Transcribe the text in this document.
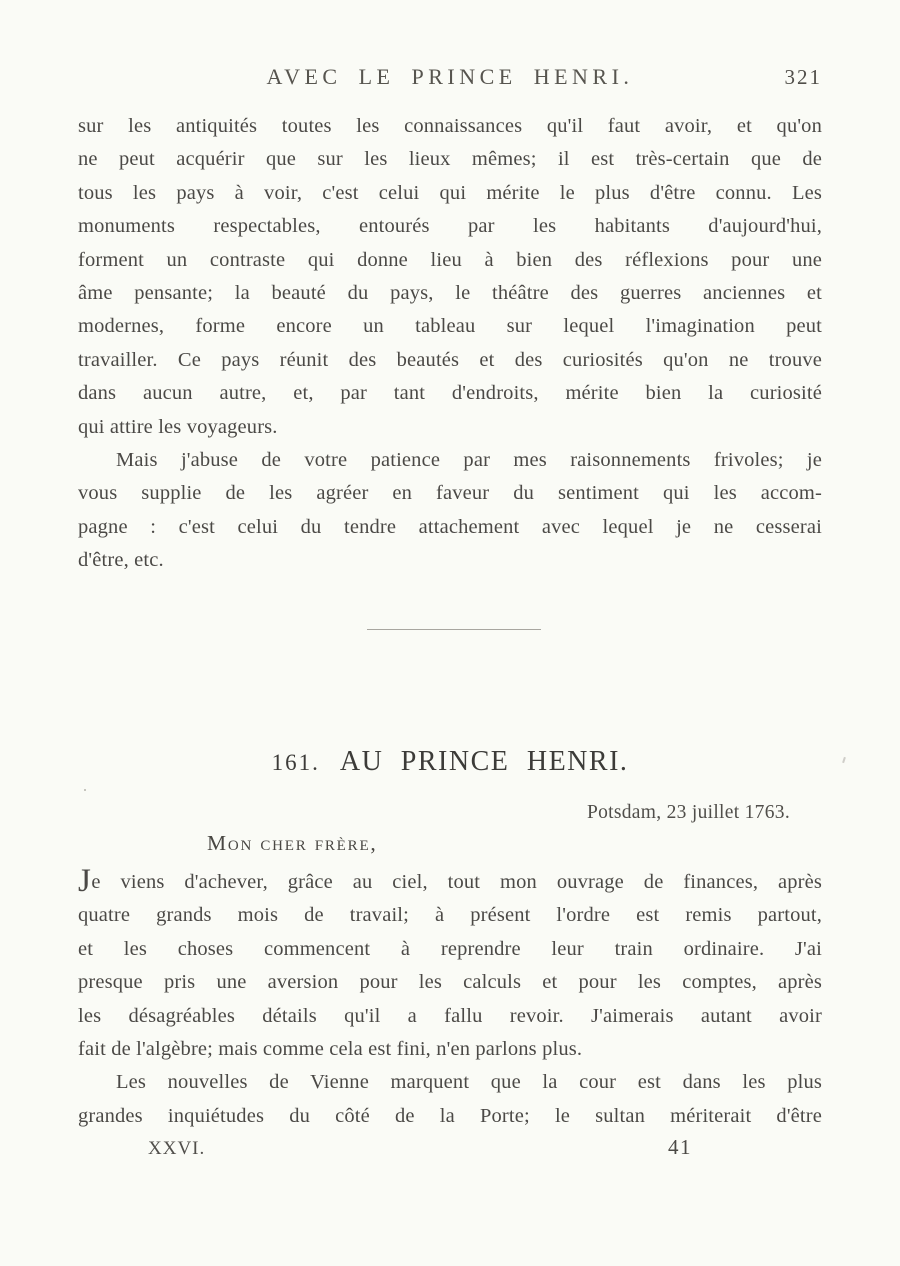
AVEC LE PRINCE HENRI.	321
sur les antiquités toutes les connaissances qu'il faut avoir, et qu'on
ne peut acquérir que sur les lieux mêmes; il est très-certain que de
tous les pays à voir, c'est celui qui mérite le plus d'être connu. Les
monuments respectables, entourés par les habitants d'aujourd'hui,
forment un contraste qui donne lieu à bien des réflexions pour une
âme pensante; la beauté du pays, le théâtre des guerres anciennes et
modernes, forme encore un tableau sur lequel l'imagination peut
travailler. Ce pays réunit des beautés et des curiosités qu'on ne trouve
dans aucun autre, et, par tant d'endroits, mérite bien la curiosité
qui attire les voyageurs.
Mais j'abuse de votre patience par mes raisonnements frivoles; je
vous supplie de les agréer en faveur du sentiment qui les accom-
pagne : c'est celui du tendre attachement avec lequel je ne cesserai
d'être, etc.
161. AU PRINCE HENRI.
Potsdam, 23 juillet 1763.
Mon cher frère,
Je viens d'achever, grâce au ciel, tout mon ouvrage de finances, après
quatre grands mois de travail; à présent l'ordre est remis partout,
et les choses commencent à reprendre leur train ordinaire. J'ai
presque pris une aversion pour les calculs et pour les comptes, après
les désagréables détails qu'il a fallu revoir. J'aimerais autant avoir
fait de l'algèbre; mais comme cela est fini, n'en parlons plus.
Les nouvelles de Vienne marquent que la cour est dans les plus
grandes inquiétudes du côté de la Porte; le sultan mériterait d'être
XXVI.	41
